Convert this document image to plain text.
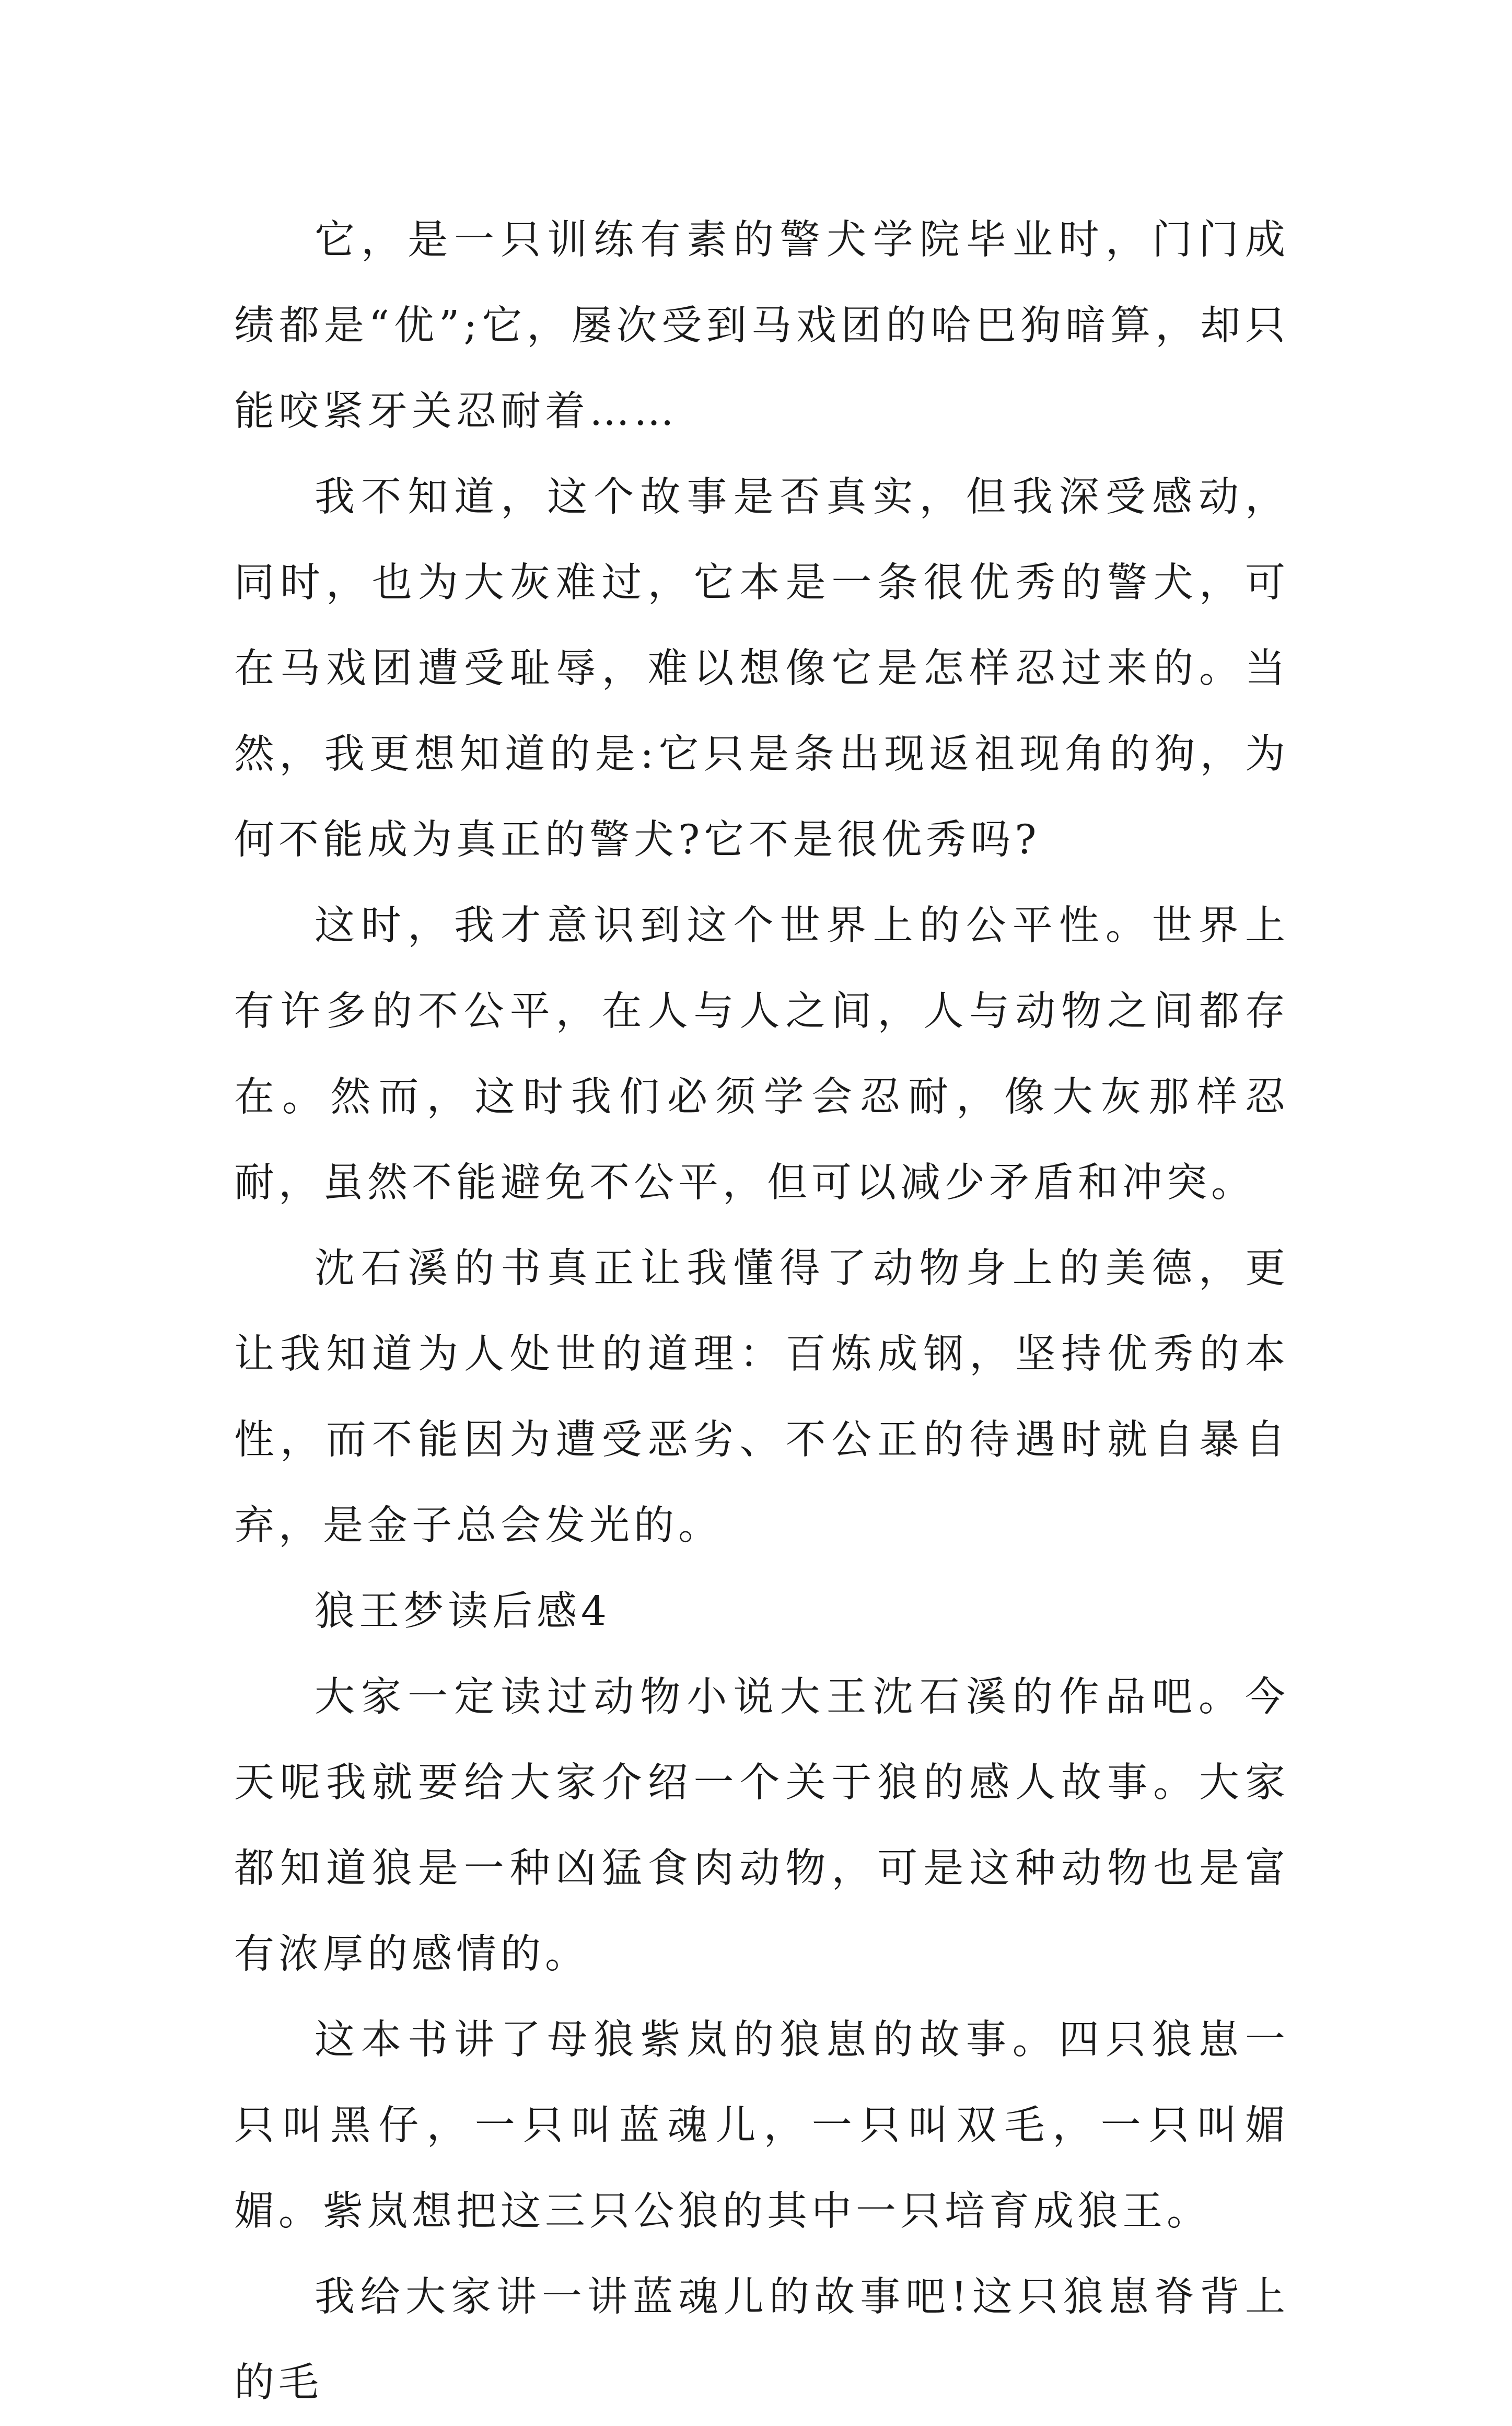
它，是一只训练有素的警犬学院毕业时，门门成绩都是“优”;它，屡次受到马戏团的哈巴狗暗算，却只能咬紧牙关忍耐着……

我不知道，这个故事是否真实，但我深受感动，同时，也为大灰难过，它本是一条很优秀的警犬，可在马戏团遭受耻辱，难以想像它是怎样忍过来的。当然，我更想知道的是:它只是条出现返祖现角的狗，为何不能成为真正的警犬?它不是很优秀吗?

这时，我才意识到这个世界上的公平性。世界上有许多的不公平，在人与人之间，人与动物之间都存在。然而，这时我们必须学会忍耐，像大灰那样忍耐，虽然不能避免不公平，但可以减少矛盾和冲突。

沈石溪的书真正让我懂得了动物身上的美德，更让我知道为人处世的道理：百炼成钢，坚持优秀的本性，而不能因为遭受恶劣、不公正的待遇时就自暴自弃，是金子总会发光的。

狼王梦读后感4

大家一定读过动物小说大王沈石溪的作品吧。今天呢我就要给大家介绍一个关于狼的感人故事。大家都知道狼是一种凶猛食肉动物，可是这种动物也是富有浓厚的感情的。

这本书讲了母狼紫岚的狼崽的故事。四只狼崽一只叫黑仔，一只叫蓝魂儿，一只叫双毛，一只叫媚媚。紫岚想把这三只公狼的其中一只培育成狼王。

我给大家讲一讲蓝魂儿的故事吧!这只狼崽脊背上的毛
